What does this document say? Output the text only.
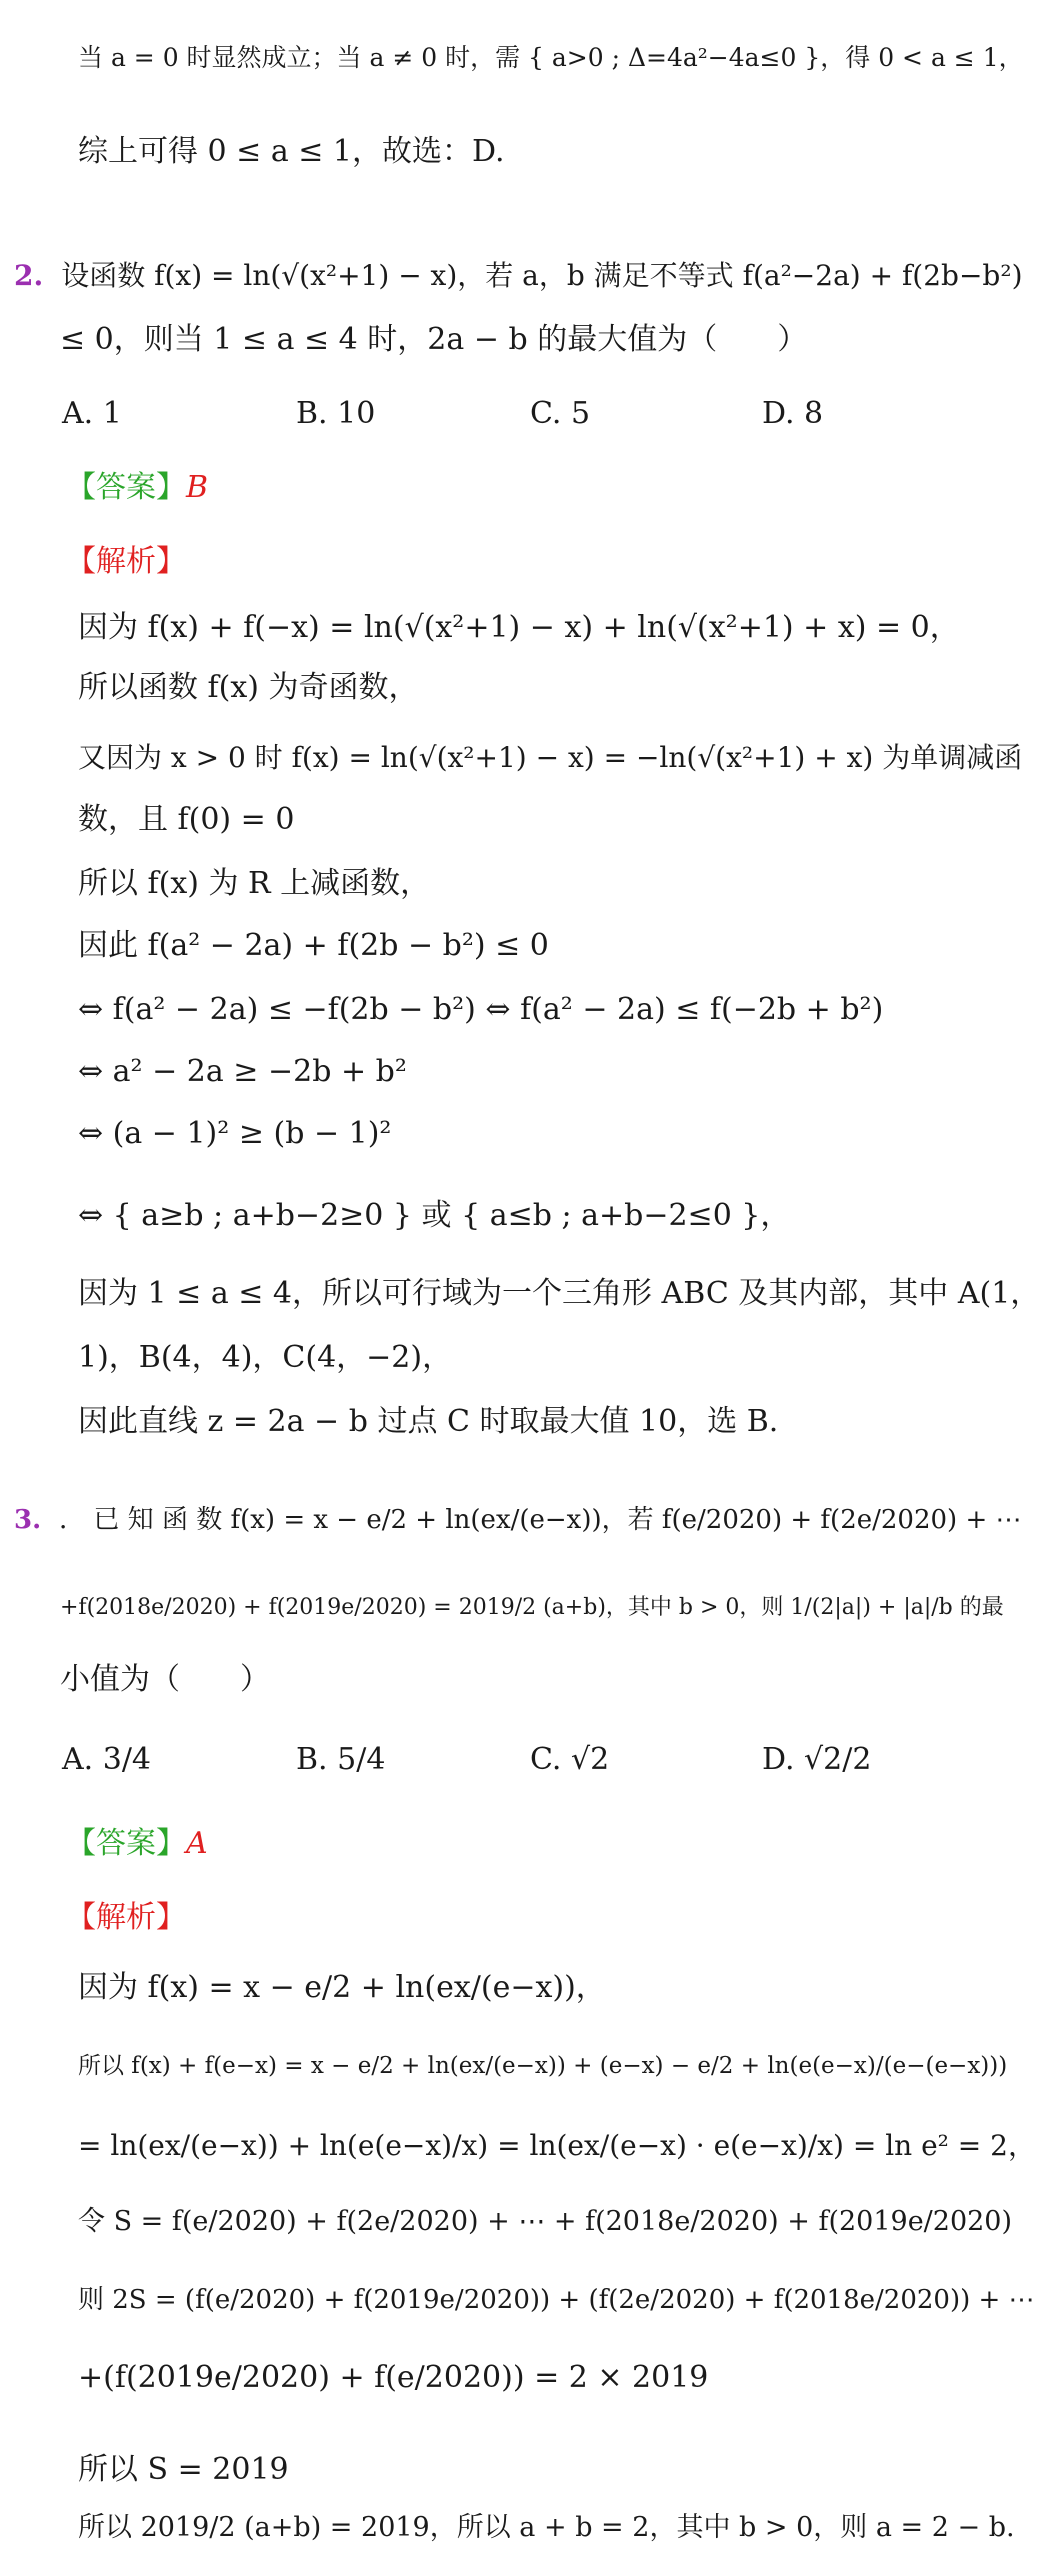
当 a = 0 时显然成立；当 a ≠ 0 时，需 { a>0 ; Δ=4a²−4a≤0 }，得 0 < a ≤ 1，
综上可得 0 ≤ a ≤ 1，故选：D.
2. 设函数 f(x) = ln(√(x²+1) − x)，若 a，b 满足不等式 f(a²−2a) + f(2b−b²)
≤ 0，则当 1 ≤ a ≤ 4 时，2a − b 的最大值为（　　）
A. 1	B. 10	C. 5	D. 8
【答案】B
【解析】
因为 f(x) + f(−x) = ln(√(x²+1) − x) + ln(√(x²+1) + x) = 0，
所以函数 f(x) 为奇函数，
又因为 x > 0 时 f(x) = ln(√(x²+1) − x) = −ln(√(x²+1) + x) 为单调减函
数，且 f(0) = 0
所以 f(x) 为 R 上减函数，
因此 f(a² − 2a) + f(2b − b²) ≤ 0
⇔ f(a² − 2a) ≤ −f(2b − b²) ⇔ f(a² − 2a) ≤ f(−2b + b²)
⇔ a² − 2a ≥ −2b + b²
⇔ (a − 1)² ≥ (b − 1)²
⇔ { a≥b ; a+b−2≥0 } 或 { a≤b ; a+b−2≤0 }，
因为 1 ≤ a ≤ 4，所以可行域为一个三角形 ABC 及其内部，其中 A(1，
1)，B(4，4)，C(4，−2)，
因此直线 z = 2a − b 过点 C 时取最大值 10，选 B.
3. ． 已 知 函 数 f(x) = x − e/2 + ln(ex/(e−x))，若 f(e/2020) + f(2e/2020) + ⋯
+f(2018e/2020) + f(2019e/2020) = 2019/2 (a+b)，其中 b > 0，则 1/(2|a|) + |a|/b 的最
小值为（　　）
A. 3/4	B. 5/4	C. √2	D. √2/2
【答案】A
【解析】
因为 f(x) = x − e/2 + ln(ex/(e−x))，
所以 f(x) + f(e−x) = x − e/2 + ln(ex/(e−x)) + (e−x) − e/2 + ln(e(e−x)/(e−(e−x)))
= ln(ex/(e−x)) + ln(e(e−x)/x) = ln(ex/(e−x) · e(e−x)/x) = ln e² = 2，
令 S = f(e/2020) + f(2e/2020) + ⋯ + f(2018e/2020) + f(2019e/2020)
则 2S = (f(e/2020) + f(2019e/2020)) + (f(2e/2020) + f(2018e/2020)) + ⋯
+(f(2019e/2020) + f(e/2020)) = 2 × 2019
所以 S = 2019
所以 2019/2 (a+b) = 2019，所以 a + b = 2，其中 b > 0，则 a = 2 − b.
